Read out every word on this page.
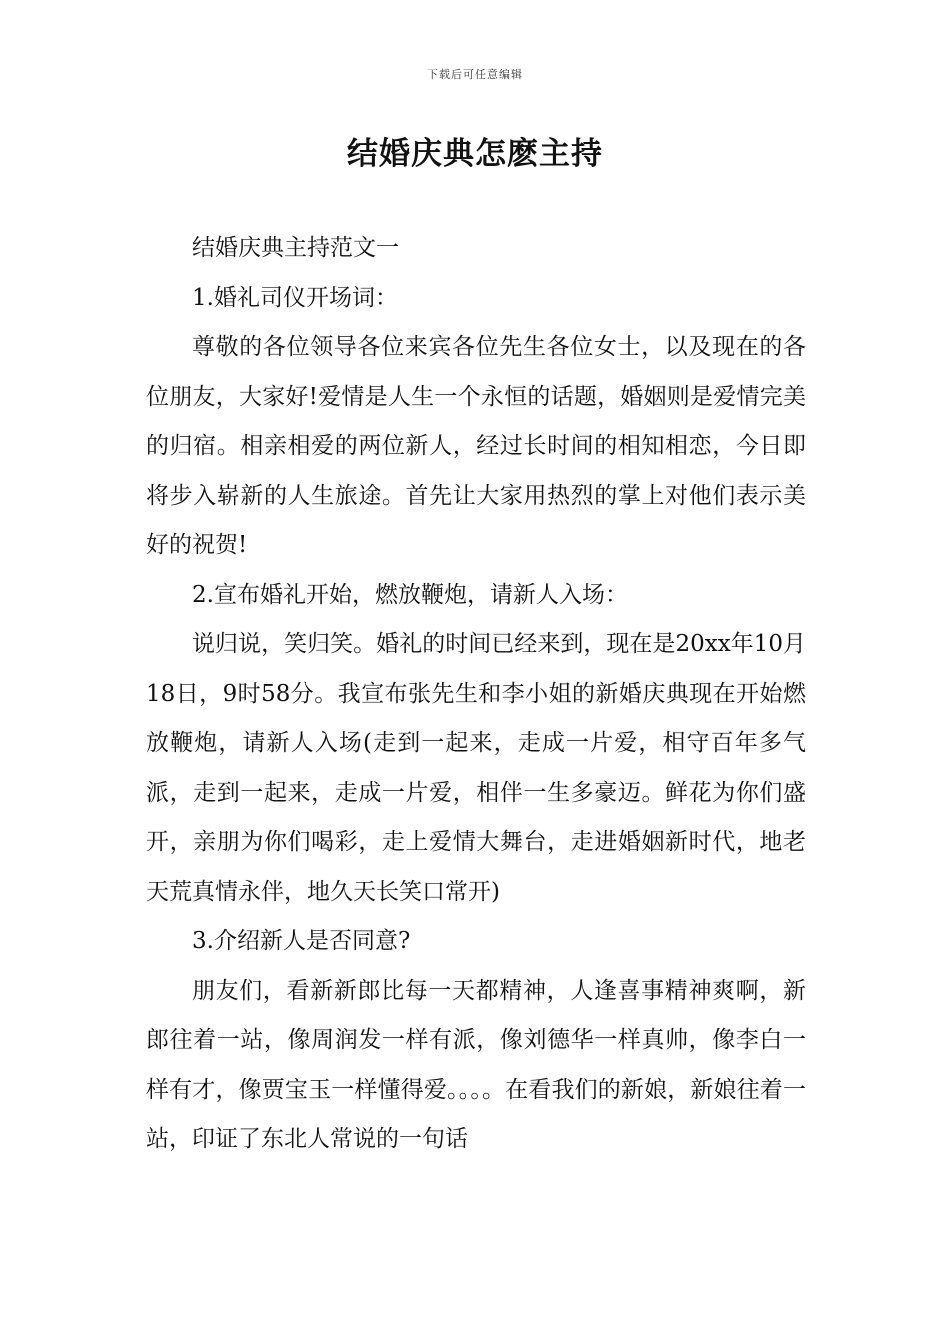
下载后可任意编辑
结婚庆典怎麽主持

结婚庆典主持范文一

1.婚礼司仪开场词：

尊敬的各位领导各位来宾各位先生各位女士，以及现在的各位朋友，大家好!爱情是人生一个永恒的话题，婚姻则是爱情完美的归宿。相亲相爱的两位新人，经过长时间的相知相恋，今日即将步入崭新的人生旅途。首先让大家用热烈的掌上对他们表示美好的祝贺!

2.宣布婚礼开始，燃放鞭炮，请新人入场：

说归说，笑归笑。婚礼的时间已经来到，现在是20xx年10月18日，9时58分。我宣布张先生和李小姐的新婚庆典现在开始燃放鞭炮，请新人入场(走到一起来，走成一片爱，相守百年多气派，走到一起来，走成一片爱，相伴一生多豪迈。鲜花为你们盛开，亲朋为你们喝彩，走上爱情大舞台，走进婚姻新时代，地老天荒真情永伴，地久天长笑口常开)

3.介绍新人是否同意?

朋友们，看新新郎比每一天都精神，人逢喜事精神爽啊，新郎往着一站，像周润发一样有派，像刘德华一样真帅，像李白一样有才，像贾宝玉一样懂得爱。。。。在看我们的新娘，新娘往着一站，印证了东北人常说的一句话
